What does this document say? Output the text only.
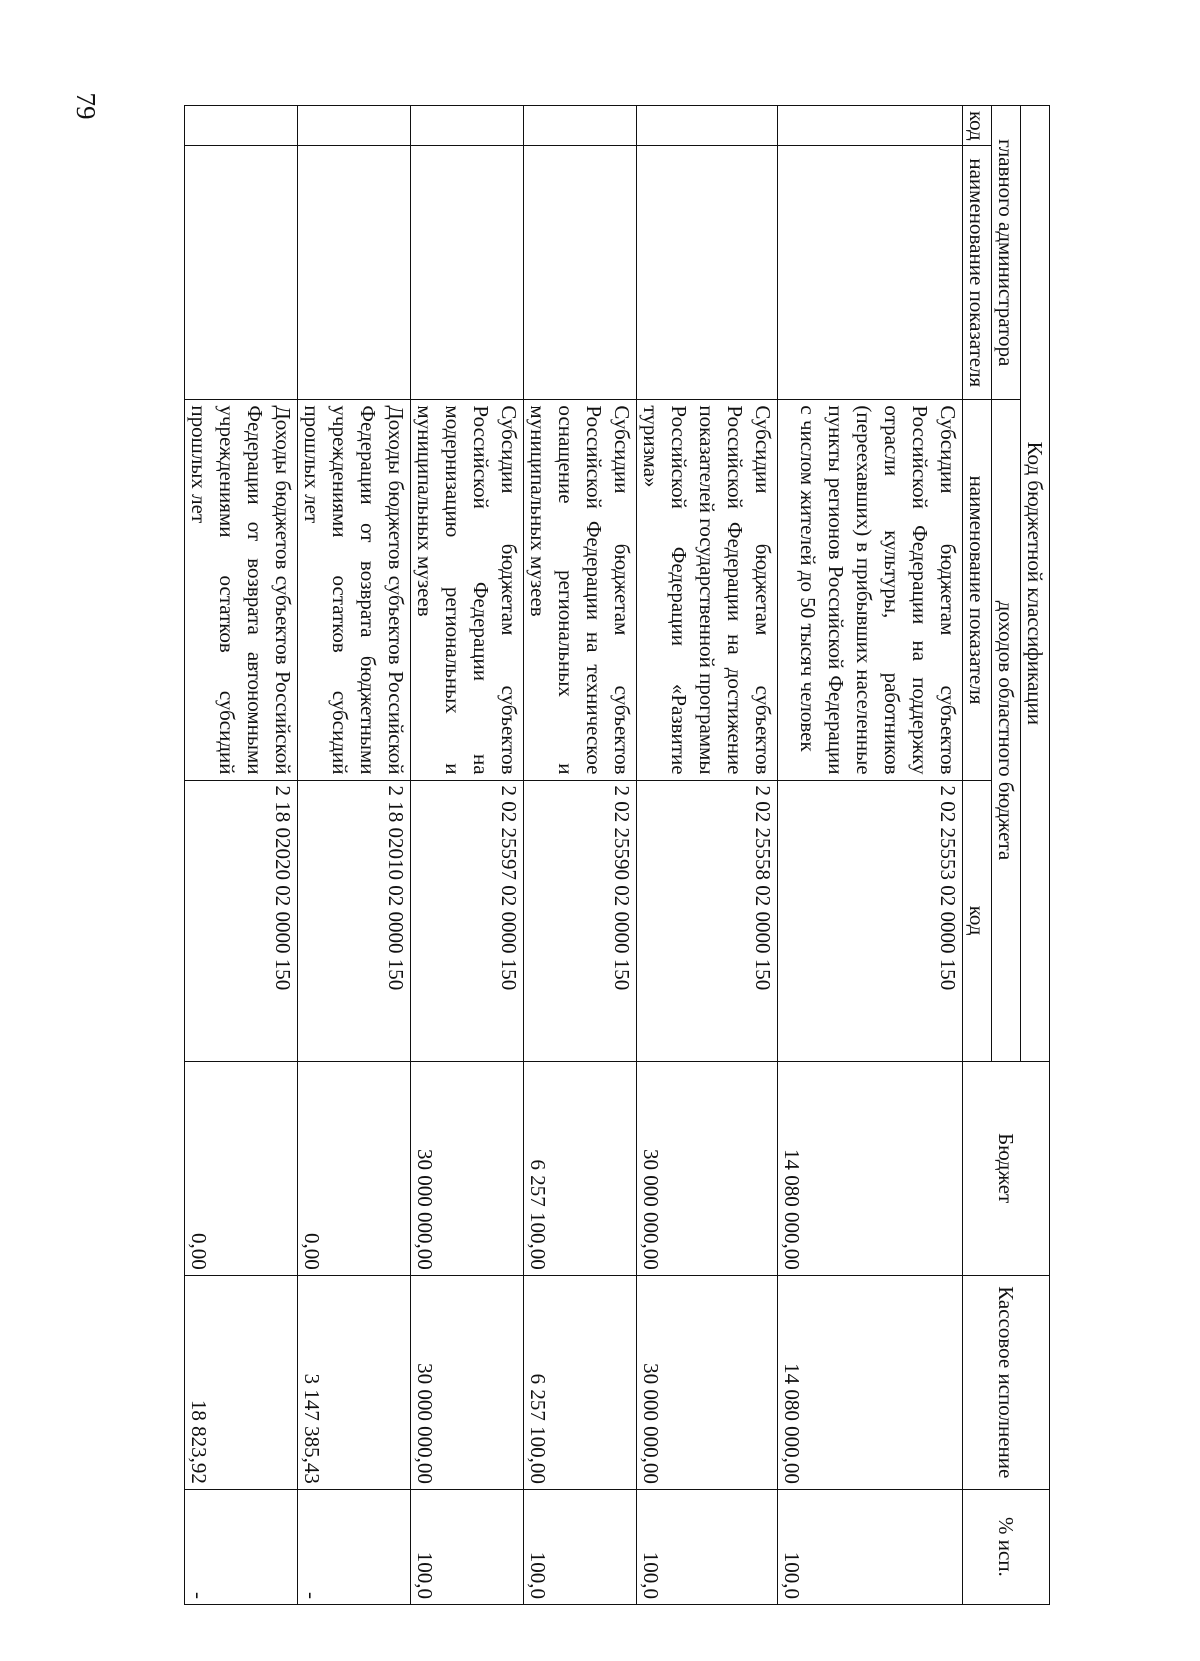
79
Код бюджетной классификации				Бюджет	Кассовое исполнение	% исп.
главного администратора		доходов областного бюджета				
код	наименование показателя	наименование показателя	код			
		Субсидии бюджетам субъектов Российской Федерации на поддержку отрасли культуры, работников (переехавших) в прибывших населенные пункты регионов Российской Федерации с числом жителей до 50 тысяч человек	2 02 25553 02 0000 150	14 080 000,00	14 080 000,00	100,0
		Субсидии бюджетам субъектов Российской Федерации на достижение показателей государственной программы Российской Федерации «Развитие туризма»	2 02 25558 02 0000 150	30 000 000,00	30 000 000,00	100,0
		Субсидии бюджетам субъектов Российской Федерации на техническое оснащение региональных и муниципальных музеев	2 02 25590 02 0000 150	6 257 100,00	6 257 100,00	100,0
		Субсидии бюджетам субъектов Российской Федерации на модернизацию региональных и муниципальных музеев	2 02 25597 02 0000 150	30 000 000,00	30 000 000,00	100,0
		Доходы бюджетов субъектов Российской Федерации от возврата бюджетными учреждениями остатков субсидий прошлых лет	2 18 02010 02 0000 150	0,00	3 147 385,43	-
		Доходы бюджетов субъектов Российской Федерации от возврата автономными учреждениями остатков субсидий прошлых лет	2 18 02020 02 0000 150	0,00	18 823,92	-
